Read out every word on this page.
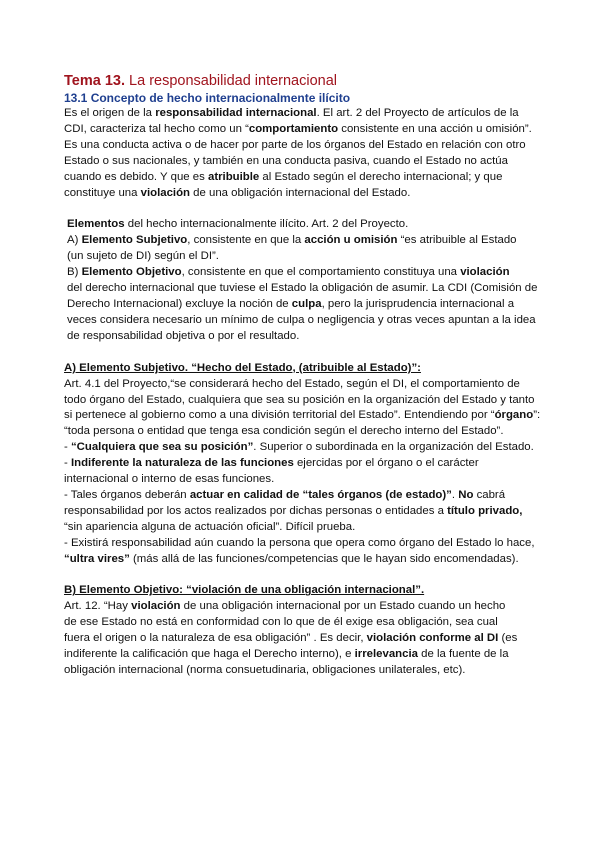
Tema 13. La responsabilidad internacional
13.1 Concepto de hecho internacionalmente ilícito
Es el origen de la responsabilidad internacional. El art. 2 del Proyecto de artículos de la
CDI, caracteriza tal hecho como un “comportamiento consistente en una acción u omisión”.
Es una conducta activa o de hacer por parte de los órganos del Estado en relación con otro
Estado o sus nacionales, y también en una conducta pasiva, cuando el Estado no actúa
cuando es debido. Y que es atribuible al Estado según el derecho internacional; y que
constituye una violación de una obligación internacional del Estado.
Elementos del hecho internacionalmente ilícito. Art. 2 del Proyecto.
A) Elemento Subjetivo, consistente en que la acción u omisión “es atribuible al Estado
(un sujeto de DI) según el DI”.
B) Elemento Objetivo, consistente en que el comportamiento constituya una violación
del derecho internacional que tuviese el Estado la obligación de asumir. La CDI (Comisión de
Derecho Internacional) excluye la noción de culpa, pero la jurisprudencia internacional a
veces considera necesario un mínimo de culpa o negligencia y otras veces apuntan a la idea
de responsabilidad objetiva o por el resultado.
A) Elemento Subjetivo. “Hecho del Estado, (atribuible al Estado)”:
Art. 4.1 del Proyecto,“se considerará hecho del Estado, según el DI, el comportamiento de
todo órgano del Estado, cualquiera que sea su posición en la organización del Estado y tanto
si pertenece al gobierno como a una división territorial del Estado”. Entendiendo por “órgano”:
“toda persona o entidad que tenga esa condición según el derecho interno del Estado”.
- “Cualquiera que sea su posición”. Superior o subordinada en la organización del Estado.
- Indiferente la naturaleza de las funciones ejercidas por el órgano o el carácter
internacional o interno de esas funciones.
- Tales órganos deberán actuar en calidad de “tales órganos (de estado)”. No cabrá
responsabilidad por los actos realizados por dichas personas o entidades a título privado,
“sin apariencia alguna de actuación oficial”. Difícil prueba.
- Existirá responsabilidad aún cuando la persona que opera como órgano del Estado lo hace,
“ultra vires” (más allá de las funciones/competencias que le hayan sido encomendadas).
B) Elemento Objetivo: “violación de una obligación internacional”.
Art. 12. “Hay violación de una obligación internacional por un Estado cuando un hecho
de ese Estado no está en conformidad con lo que de él exige esa obligación, sea cual
fuera el origen o la naturaleza de esa obligación” . Es decir, violación conforme al DI (es
indiferente la calificación que haga el Derecho interno), e irrelevancia de la fuente de la
obligación internacional (norma consuetudinaria, obligaciones unilaterales, etc).
